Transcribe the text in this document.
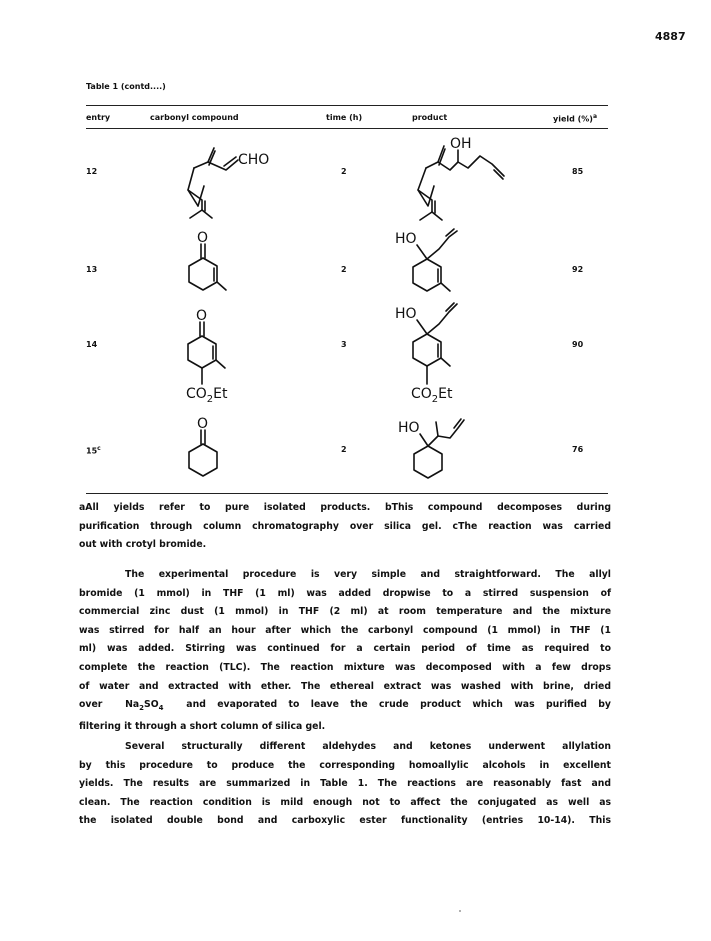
4887
Table 1 (contd....)
entry	carbonyl compound	time (h)	product	yield (%)$^a$
12	2	85
13	2	92
14	3	90
15$^c$	2	76
CHO
OH
O	HO
O
$CO_2Et$
HO
$CO_2Et$
O	HO
aAll yields refer to pure isolated products. bThis compound decomposes during
purification through column chromatography over silica gel. cThe reaction was carried
out with crotyl bromide.
The experimental procedure is very simple and straightforward. The allyl
bromide (1 mmol) in THF (1 ml) was added dropwise to a stirred suspension of
commercial zinc dust (1 mmol) in THF (2 ml) at room temperature and the mixture
was stirred for half an hour after which the carbonyl compound (1 mmol) in THF (1
ml) was added. Stirring was continued for a certain period of time as required to
complete the reaction (TLC). The reaction mixture was decomposed with a few drops
of water and extracted with ether. The ethereal extract was washed with brine, dried
over $Na_2SO_4$ and evaporated to leave the crude product which was purified by
filtering it through a short column of silica gel.
Several structurally different aldehydes and ketones underwent allylation
by this procedure to produce the corresponding homoallylic alcohols in excellent
yields. The results are summarized in Table 1. The reactions are reasonably fast and
clean. The reaction condition is mild enough not to affect the conjugated as well as
the isolated double bond and carboxylic ester functionality (entries 10-14). This
